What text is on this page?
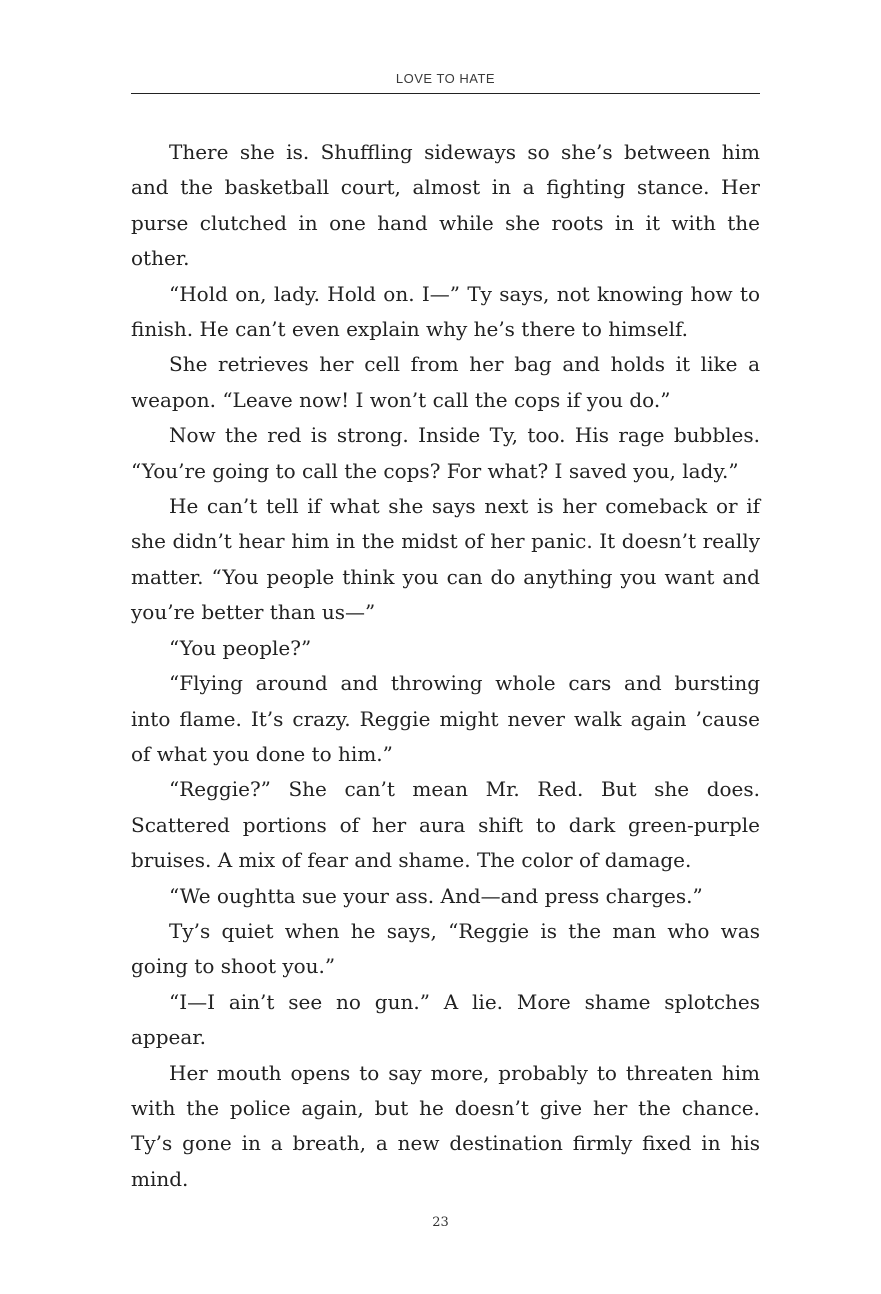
LOVE TO HATE

There she is. Shuffling sideways so she’s between him and the basketball court, almost in a fighting stance. Her purse clutched in one hand while she roots in it with the other.

“Hold on, lady. Hold on. I—” Ty says, not knowing how to finish. He can’t even explain why he’s there to himself.

She retrieves her cell from her bag and holds it like a weapon. “Leave now! I won’t call the cops if you do.”

Now the red is strong. Inside Ty, too. His rage bubbles. “You’re going to call the cops? For what? I saved you, lady.”

He can’t tell if what she says next is her comeback or if she didn’t hear him in the midst of her panic. It doesn’t really matter. “You people think you can do anything you want and you’re better than us—”

“You people?”

“Flying around and throwing whole cars and bursting into flame. It’s crazy. Reggie might never walk again ’cause of what you done to him.”

“Reggie?” She can’t mean Mr. Red. But she does. Scattered portions of her aura shift to dark green-purple bruises. A mix of fear and shame. The color of damage.

“We oughtta sue your ass. And—and press charges.”

Ty’s quiet when he says, “Reggie is the man who was going to shoot you.”

“I—I ain’t see no gun.” A lie. More shame splotches appear.

Her mouth opens to say more, probably to threaten him with the police again, but he doesn’t give her the chance. Ty’s gone in a breath, a new destination firmly fixed in his mind.

23
